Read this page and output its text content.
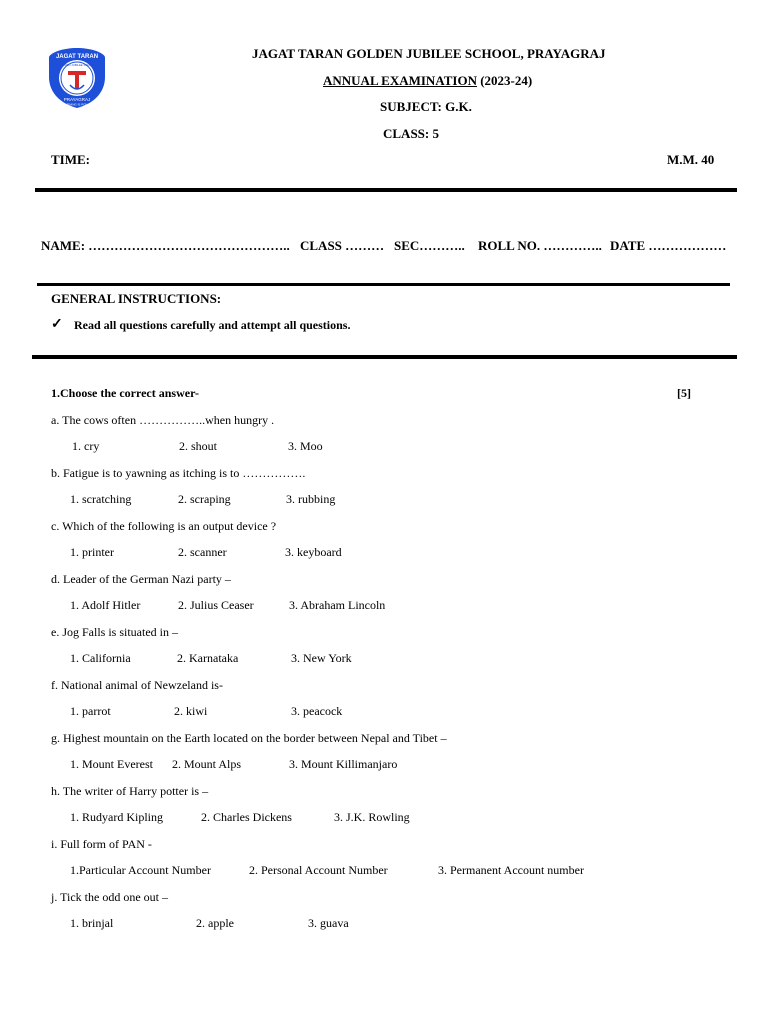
JAGAT TARAN
PRAYAGRAJ
LEARNING IS POWER
GOLDEN JUBILEE SCHOOL
JAGAT TARAN GOLDEN JUBILEE SCHOOL, PRAYAGRAJ
ANNUAL EXAMINATION (2023-24)
SUBJECT: G.K.
CLASS: 5
TIME:	M.M. 40
NAME: ……………………………………….. CLASS ……… SEC……….. ROLL NO. ………….. DATE ………………
GENERAL INSTRUCTIONS:
✓ Read all questions carefully and attempt all questions.
1.Choose the correct answer-	[5]
a. The cows often ……………..when hungry .
1. cry	2. shout	3. Moo
b. Fatigue is to yawning as itching is to …………….
1. scratching	2. scraping	3. rubbing
c. Which of the following is an output device ?
1. printer	2. scanner	3. keyboard
d. Leader of the German Nazi party –
1. Adolf Hitler	2. Julius Ceaser	3. Abraham Lincoln
e. Jog Falls is situated in –
1. California	2. Karnataka	3. New York
f. National animal of Newzeland is-
1. parrot	2. kiwi	3. peacock
g. Highest mountain on the Earth located on the border between Nepal and Tibet –
1. Mount Everest 2. Mount Alps	3. Mount Killimanjaro
h. The writer of Harry potter is –
1. Rudyard Kipling	2. Charles Dickens	3. J.K. Rowling
i. Full form of PAN -
1.Particular Account Number	2. Personal Account Number	3. Permanent Account number
j. Tick the odd one out –
1. brinjal	2. apple	3. guava
